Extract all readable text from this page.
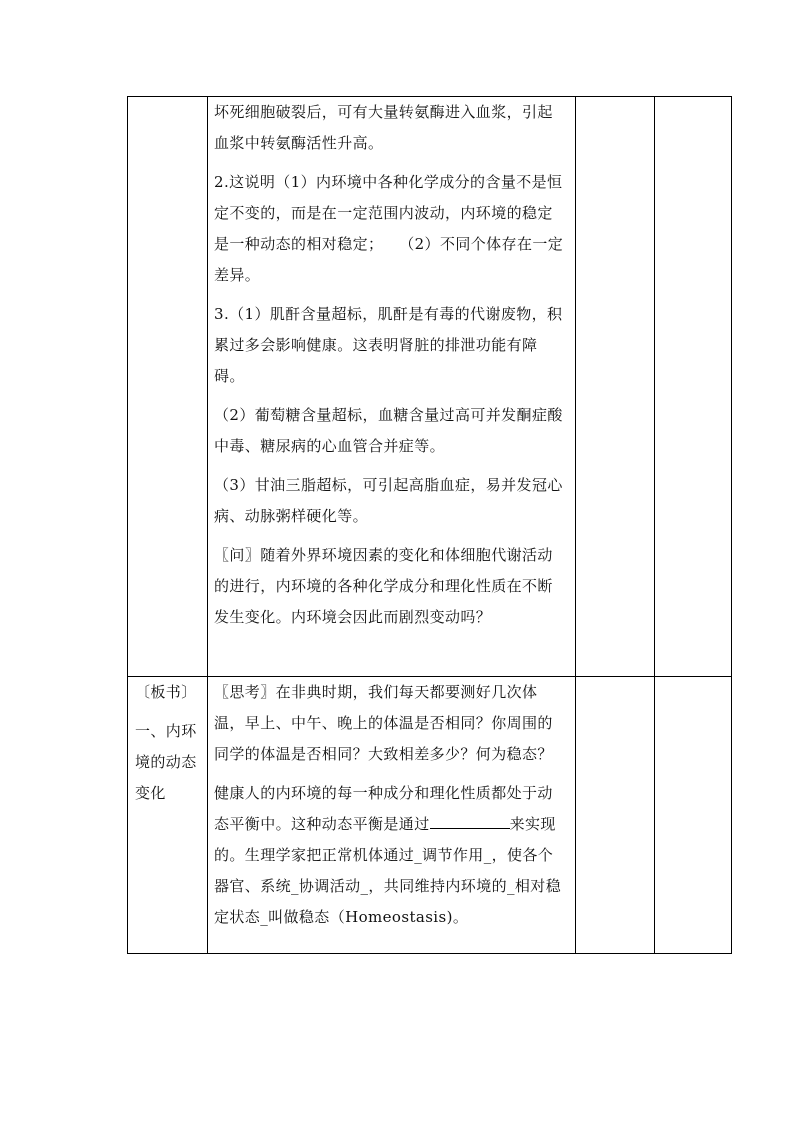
坏死细胞破裂后，可有大量转氨酶进入血浆，引起血浆中转氨酶活性升高。

2.这说明（1）内环境中各种化学成分的含量不是恒定不变的，而是在一定范围内波动，内环境的稳定是一种动态的相对稳定；　　（2）不同个体存在一定差异。

3.（1）肌酐含量超标，肌酐是有毒的代谢废物，积累过多会影响健康。这表明肾脏的排泄功能有障碍。

（2）葡萄糖含量超标，血糖含量过高可并发酮症酸中毒、糖尿病的心血管合并症等。

（3）甘油三脂超标，可引起高脂血症，易并发冠心病、动脉粥样硬化等。

〖问〗随着外界环境因素的变化和体细胞代谢活动的进行，内环境的各种化学成分和理化性质在不断发生变化。内环境会因此而剧烈变动吗？

〔板书〕

一、内环境的动态变化

〖思考〗在非典时期，我们每天都要测好几次体温，早上、中午、晚上的体温是否相同？你周围的同学的体温是否相同？大致相差多少？何为稳态？

健康人的内环境的每一种成分和理化性质都处于动态平衡中。这种动态平衡是通过	来实现的。生理学家把正常机体通过_调节作用_，使各个器官、系统_协调活动_，共同维持内环境的_相对稳定状态_叫做稳态（Homeostasis)。
